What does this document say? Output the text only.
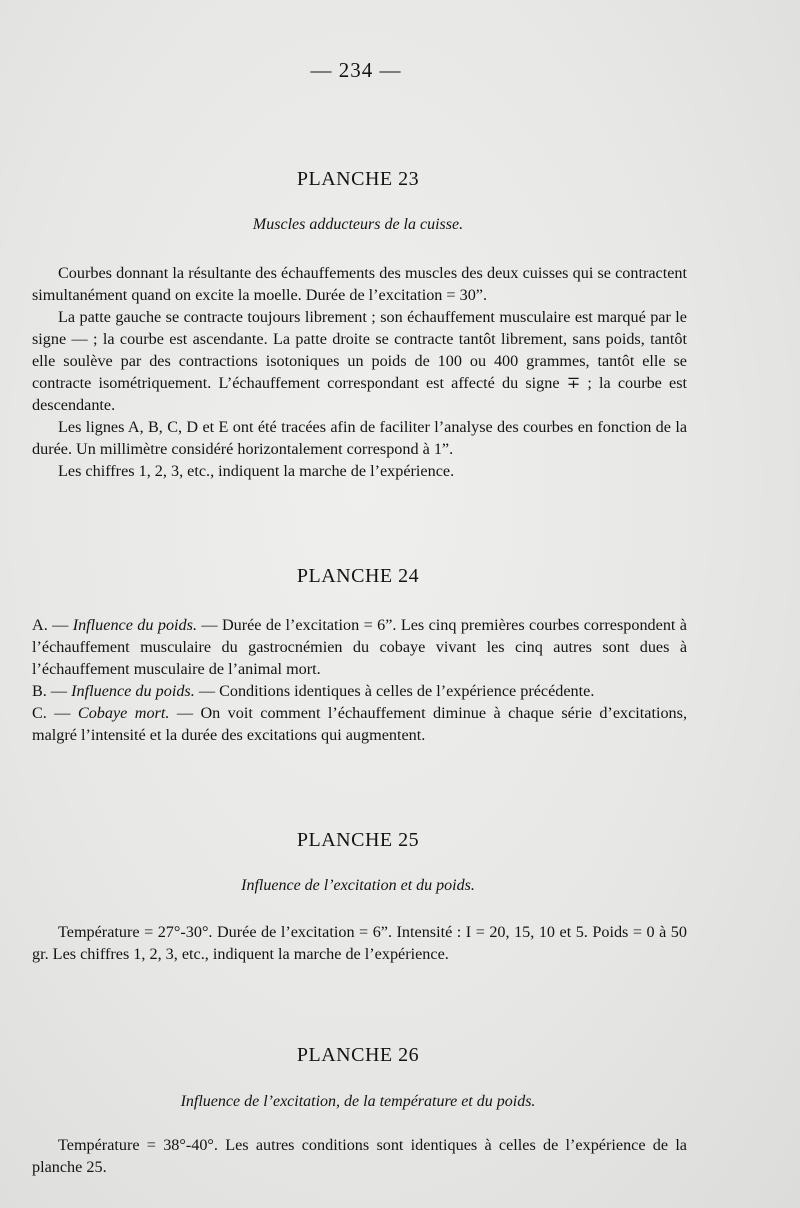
— 234 —
PLANCHE 23
Muscles adducteurs de la cuisse.

Courbes donnant la résultante des échauffements des muscles des deux cuisses qui se contractent simultanément quand on excite la moelle. Durée de l’excitation = 30”.

La patte gauche se contracte toujours librement ; son échauffement musculaire est marqué par le signe — ; la courbe est ascendante. La patte droite se contracte tantôt librement, sans poids, tantôt elle soulève par des contractions isotoniques un poids de 100 ou 400 grammes, tantôt elle se contracte isométriquement. L’échauffement correspondant est affecté du signe ∓ ; la courbe est descendante.

Les lignes A, B, C, D et E ont été tracées afin de faciliter l’analyse des courbes en fonction de la durée. Un millimètre considéré horizontalement correspond à 1”.

Les chiffres 1, 2, 3, etc., indiquent la marche de l’expérience.

PLANCHE 24

A. — Influence du poids. — Durée de l’excitation = 6”. Les cinq premières courbes correspondent à l’échauffement musculaire du gastrocnémien du cobaye vivant les cinq autres sont dues à l’échauffement musculaire de l’animal mort.

B. — Influence du poids. — Conditions identiques à celles de l’expérience précédente.

C. — Cobaye mort. — On voit comment l’échauffement diminue à chaque série d’excitations, malgré l’intensité et la durée des excitations qui augmentent.

PLANCHE 25
Influence de l’excitation et du poids.

Température = 27°-30°. Durée de l’excitation = 6”. Intensité : I = 20, 15, 10 et 5. Poids = 0 à 50 gr. Les chiffres 1, 2, 3, etc., indiquent la marche de l’expérience.

PLANCHE 26
Influence de l’excitation, de la température et du poids.

Température = 38°-40°. Les autres conditions sont identiques à celles de l’expérience de la planche 25.
